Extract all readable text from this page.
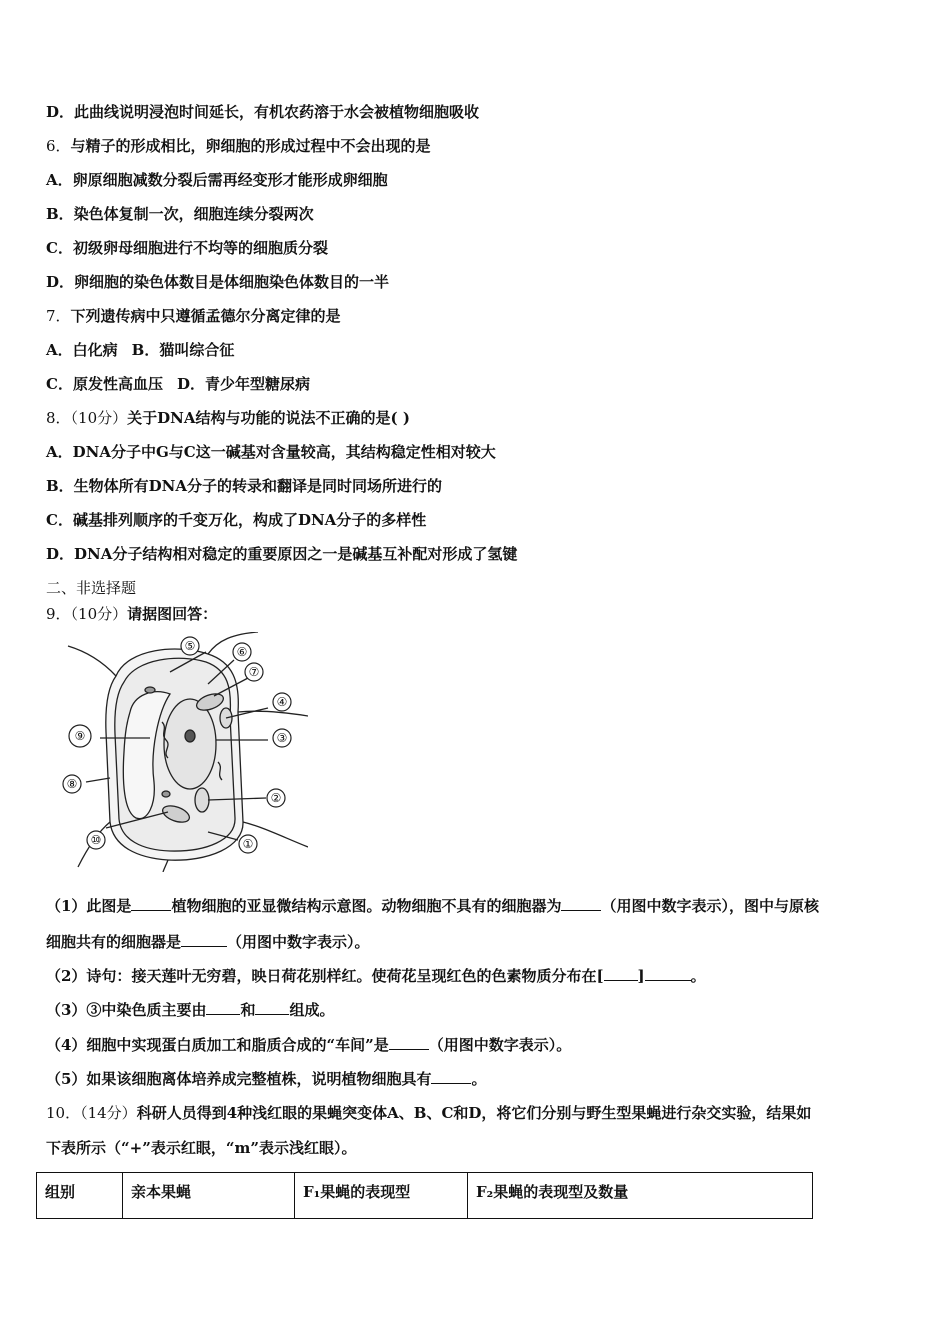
D．此曲线说明浸泡时间延长，有机农药溶于水会被植物细胞吸收
6．与精子的形成相比，卵细胞的形成过程中不会出现的是
A．卵原细胞减数分裂后需再经变形才能形成卵细胞
B．染色体复制一次，细胞连续分裂两次
C．初级卵母细胞进行不均等的细胞质分裂
D．卵细胞的染色体数目是体细胞染色体数目的一半
7．下列遗传病中只遵循孟德尔分离定律的是
A．白化病 B．猫叫综合征
C．原发性高血压 D．青少年型糖尿病
8．（10分）关于DNA结构与功能的说法不正确的是( )
A．DNA分子中G与C这一碱基对含量较高，其结构稳定性相对较大
B．生物体所有DNA分子的转录和翻译是同时同场所进行的
C．碱基排列顺序的千变万化，构成了DNA分子的多样性
D．DNA分子结构相对稳定的重要原因之一是碱基互补配对形成了氢键
二、非选择题
9．（10分）请据图回答：
⑤	⑥
⑦
④
⑨	③
⑧
②
⑩	①
（1）此图是	植物细胞的亚显微结构示意图。动物细胞不具有的细胞器为	（用图中数字表示），图中与原核
细胞共有的细胞器是	（用图中数字表示）。
（2）诗句：接天莲叶无穷碧，映日荷花别样红。使荷花呈现红色的色素物质分布在[ ]	。
（3）③中染色质主要由 和 组成。
（4）细胞中实现蛋白质加工和脂质合成的“车间”是	（用图中数字表示）。
（5）如果该细胞离体培养成完整植株，说明植物细胞具有	。
10．（14分）科研人员得到4种浅红眼的果蝇突变体A、B、C和D，将它们分别与野生型果蝇进行杂交实验，结果如
下表所示（“+”表示红眼，“m”表示浅红眼）。
组别	亲本果蝇	F₁果蝇的表现型	F₂果蝇的表现型及数量
